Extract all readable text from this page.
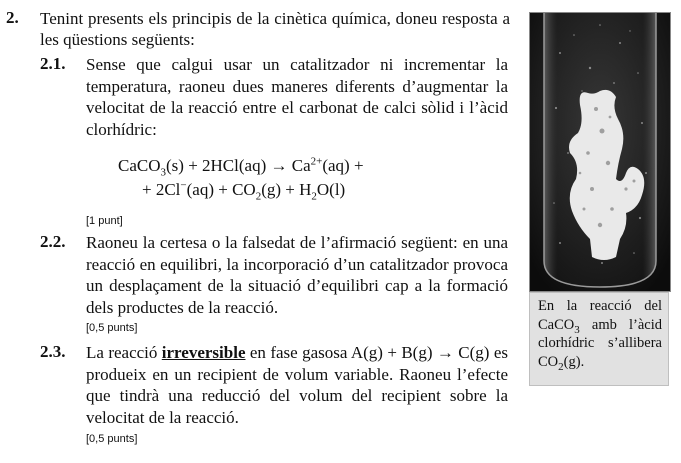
2. Tenint presents els principis de la cinètica química, doneu resposta a les qüestions següents:
2.1. Sense que calgui usar un catalitzador ni incrementar la temperatura, raoneu dues maneres diferents d’augmentar la velocitat de la reacció entre el carbonat de calci sòlid i l’àcid clorhídric:
CaCO$_3$(s) + $2HCl(aq) \to Ca^{2+}(aq)$ +
+ $2Cl^-(aq) + CO_2(g) + H_2O(l)$
[1 punt]
2.2. Raoneu la certesa o la falsedat de l’afirmació següent: en una reacció en equilibri, la incorporació d’un catalitzador provoca un desplaçament de la situació d’equilibri cap a la formació dels productes de la reacció.
[0,5 punts]
2.3. La reacció irreversible en fase gasosa A(g) + B(g) → C(g) es produeix en un recipient de volum variable. Raoneu l’efecte que tindrà una reducció del volum del recipient sobre la velocitat de la reacció.
[0,5 punts]
En la reacció del CaCO$_3$ amb l’àcid clorhídric s’allibera $CO_2(g)$.
